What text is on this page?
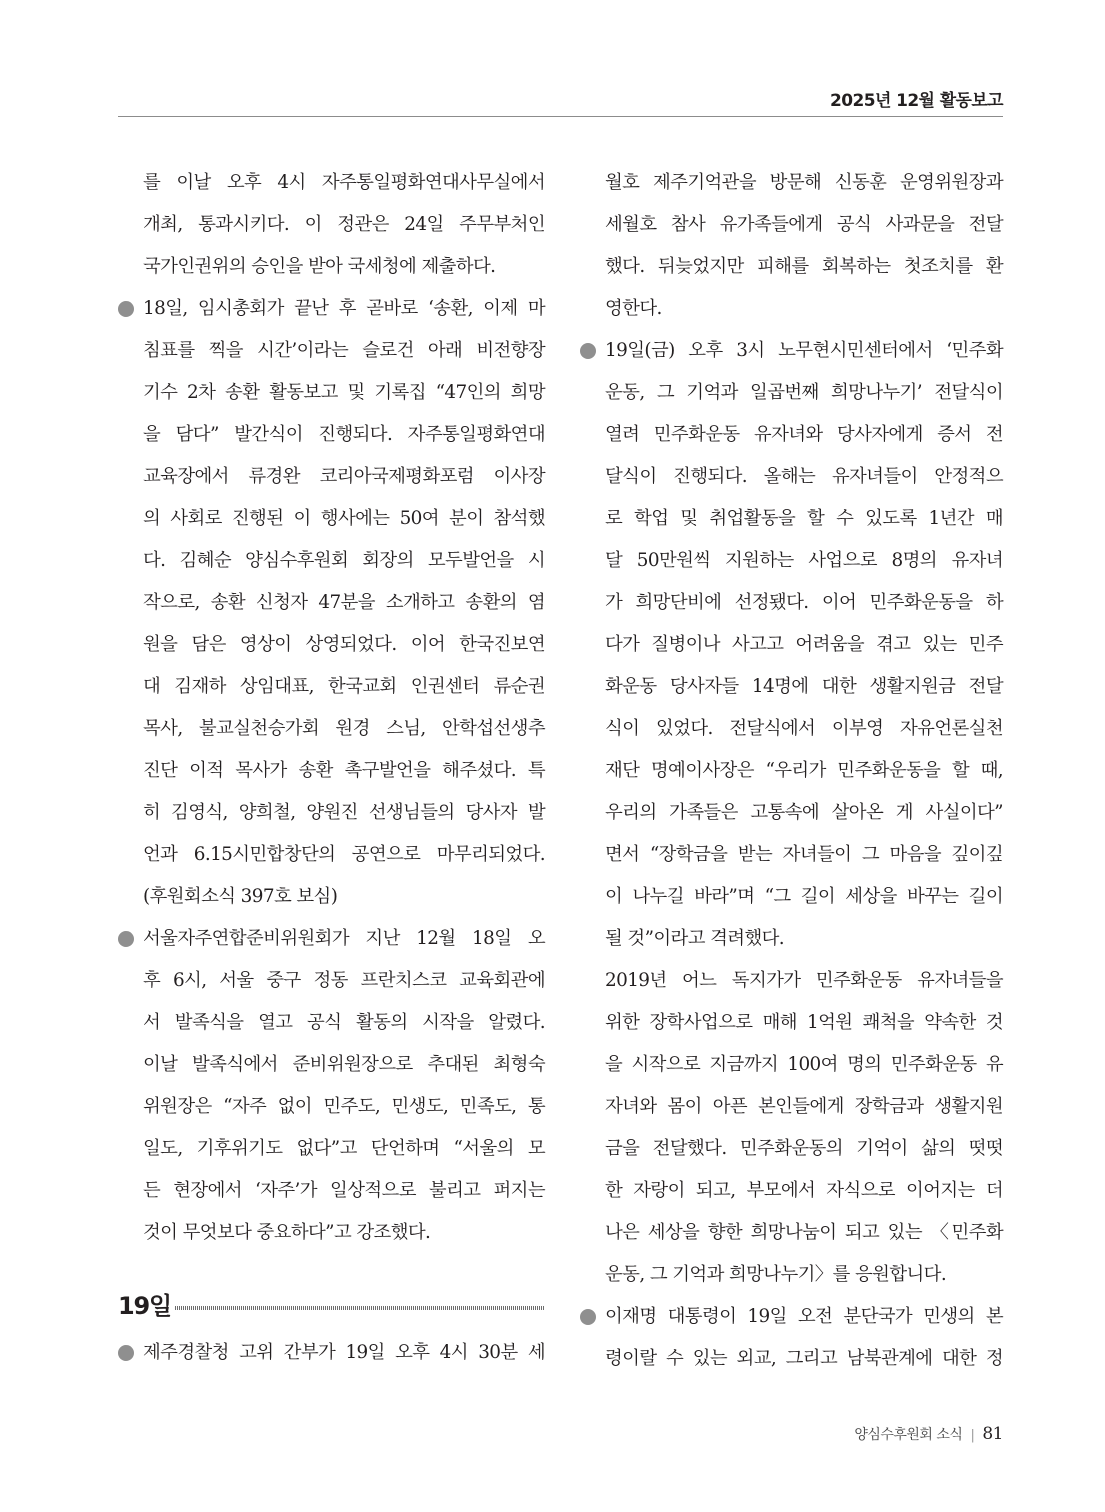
2025년 12월 활동보고
를 이날 오후 4시 자주통일평화연대사무실에서
개최, 통과시키다. 이 정관은 24일 주무부처인
국가인권위의 승인을 받아 국세청에 제출하다.
18일, 임시총회가 끝난 후 곧바로 ‘송환, 이제 마
침표를 찍을 시간’이라는 슬로건 아래 비전향장
기수 2차 송환 활동보고 및 기록집 “47인의 희망
을 담다” 발간식이 진행되다. 자주통일평화연대
교육장에서 류경완 코리아국제평화포럼 이사장
의 사회로 진행된 이 행사에는 50여 분이 참석했
다. 김혜순 양심수후원회 회장의 모두발언을 시
작으로, 송환 신청자 47분을 소개하고 송환의 염
원을 담은 영상이 상영되었다. 이어 한국진보연
대 김재하 상임대표, 한국교회 인권센터 류순권
목사, 불교실천승가회 원경 스님, 안학섭선생추
진단 이적 목사가 송환 촉구발언을 해주셨다. 특
히 김영식, 양희철, 양원진 선생님들의 당사자 발
언과 6.15시민합창단의 공연으로 마무리되었다.
(후원회소식 397호 보심)
서울자주연합준비위원회가 지난 12월 18일 오
후 6시, 서울 중구 정동 프란치스코 교육회관에
서 발족식을 열고 공식 활동의 시작을 알렸다.
이날 발족식에서 준비위원장으로 추대된 최형숙
위원장은 “자주 없이 민주도, 민생도, 민족도, 통
일도, 기후위기도 없다”고 단언하며 “서울의 모
든 현장에서 ‘자주’가 일상적으로 불리고 퍼지는
것이 무엇보다 중요하다”고 강조했다.
19일
제주경찰청 고위 간부가 19일 오후 4시 30분 세
월호 제주기억관을 방문해 신동훈 운영위원장과
세월호 참사 유가족들에게 공식 사과문을 전달
했다. 뒤늦었지만 피해를 회복하는 첫조치를 환
영한다.
19일(금) 오후 3시 노무현시민센터에서 ‘민주화
운동, 그 기억과 일곱번째 희망나누기’ 전달식이
열려 민주화운동 유자녀와 당사자에게 증서 전
달식이 진행되다. 올해는 유자녀들이 안정적으
로 학업 및 취업활동을 할 수 있도록 1년간 매
달 50만원씩 지원하는 사업으로 8명의 유자녀
가 희망단비에 선정됐다. 이어 민주화운동을 하
다가 질병이나 사고고 어려움을 겪고 있는 민주
화운동 당사자들 14명에 대한 생활지원금 전달
식이 있었다. 전달식에서 이부영 자유언론실천
재단 명예이사장은 “우리가 민주화운동을 할 때,
우리의 가족들은 고통속에 살아온 게 사실이다”
면서 “장학금을 받는 자녀들이 그 마음을 깊이깊
이 나누길 바라”며 “그 길이 세상을 바꾸는 길이
될 것”이라고 격려했다.
2019년 어느 독지가가 민주화운동 유자녀들을
위한 장학사업으로 매해 1억원 쾌척을 약속한 것
을 시작으로 지금까지 100여 명의 민주화운동 유
자녀와 몸이 아픈 본인들에게 장학금과 생활지원
금을 전달했다. 민주화운동의 기억이 삶의 떳떳
한 자랑이 되고, 부모에서 자식으로 이어지는 더
나은 세상을 향한 희망나눔이 되고 있는 〈민주화
운동, 그 기억과 희망나누기〉를 응원합니다.
이재명 대통령이 19일 오전 분단국가 민생의 본
령이랄 수 있는 외교, 그리고 남북관계에 대한 정
양심수후원회 소식 | 81
